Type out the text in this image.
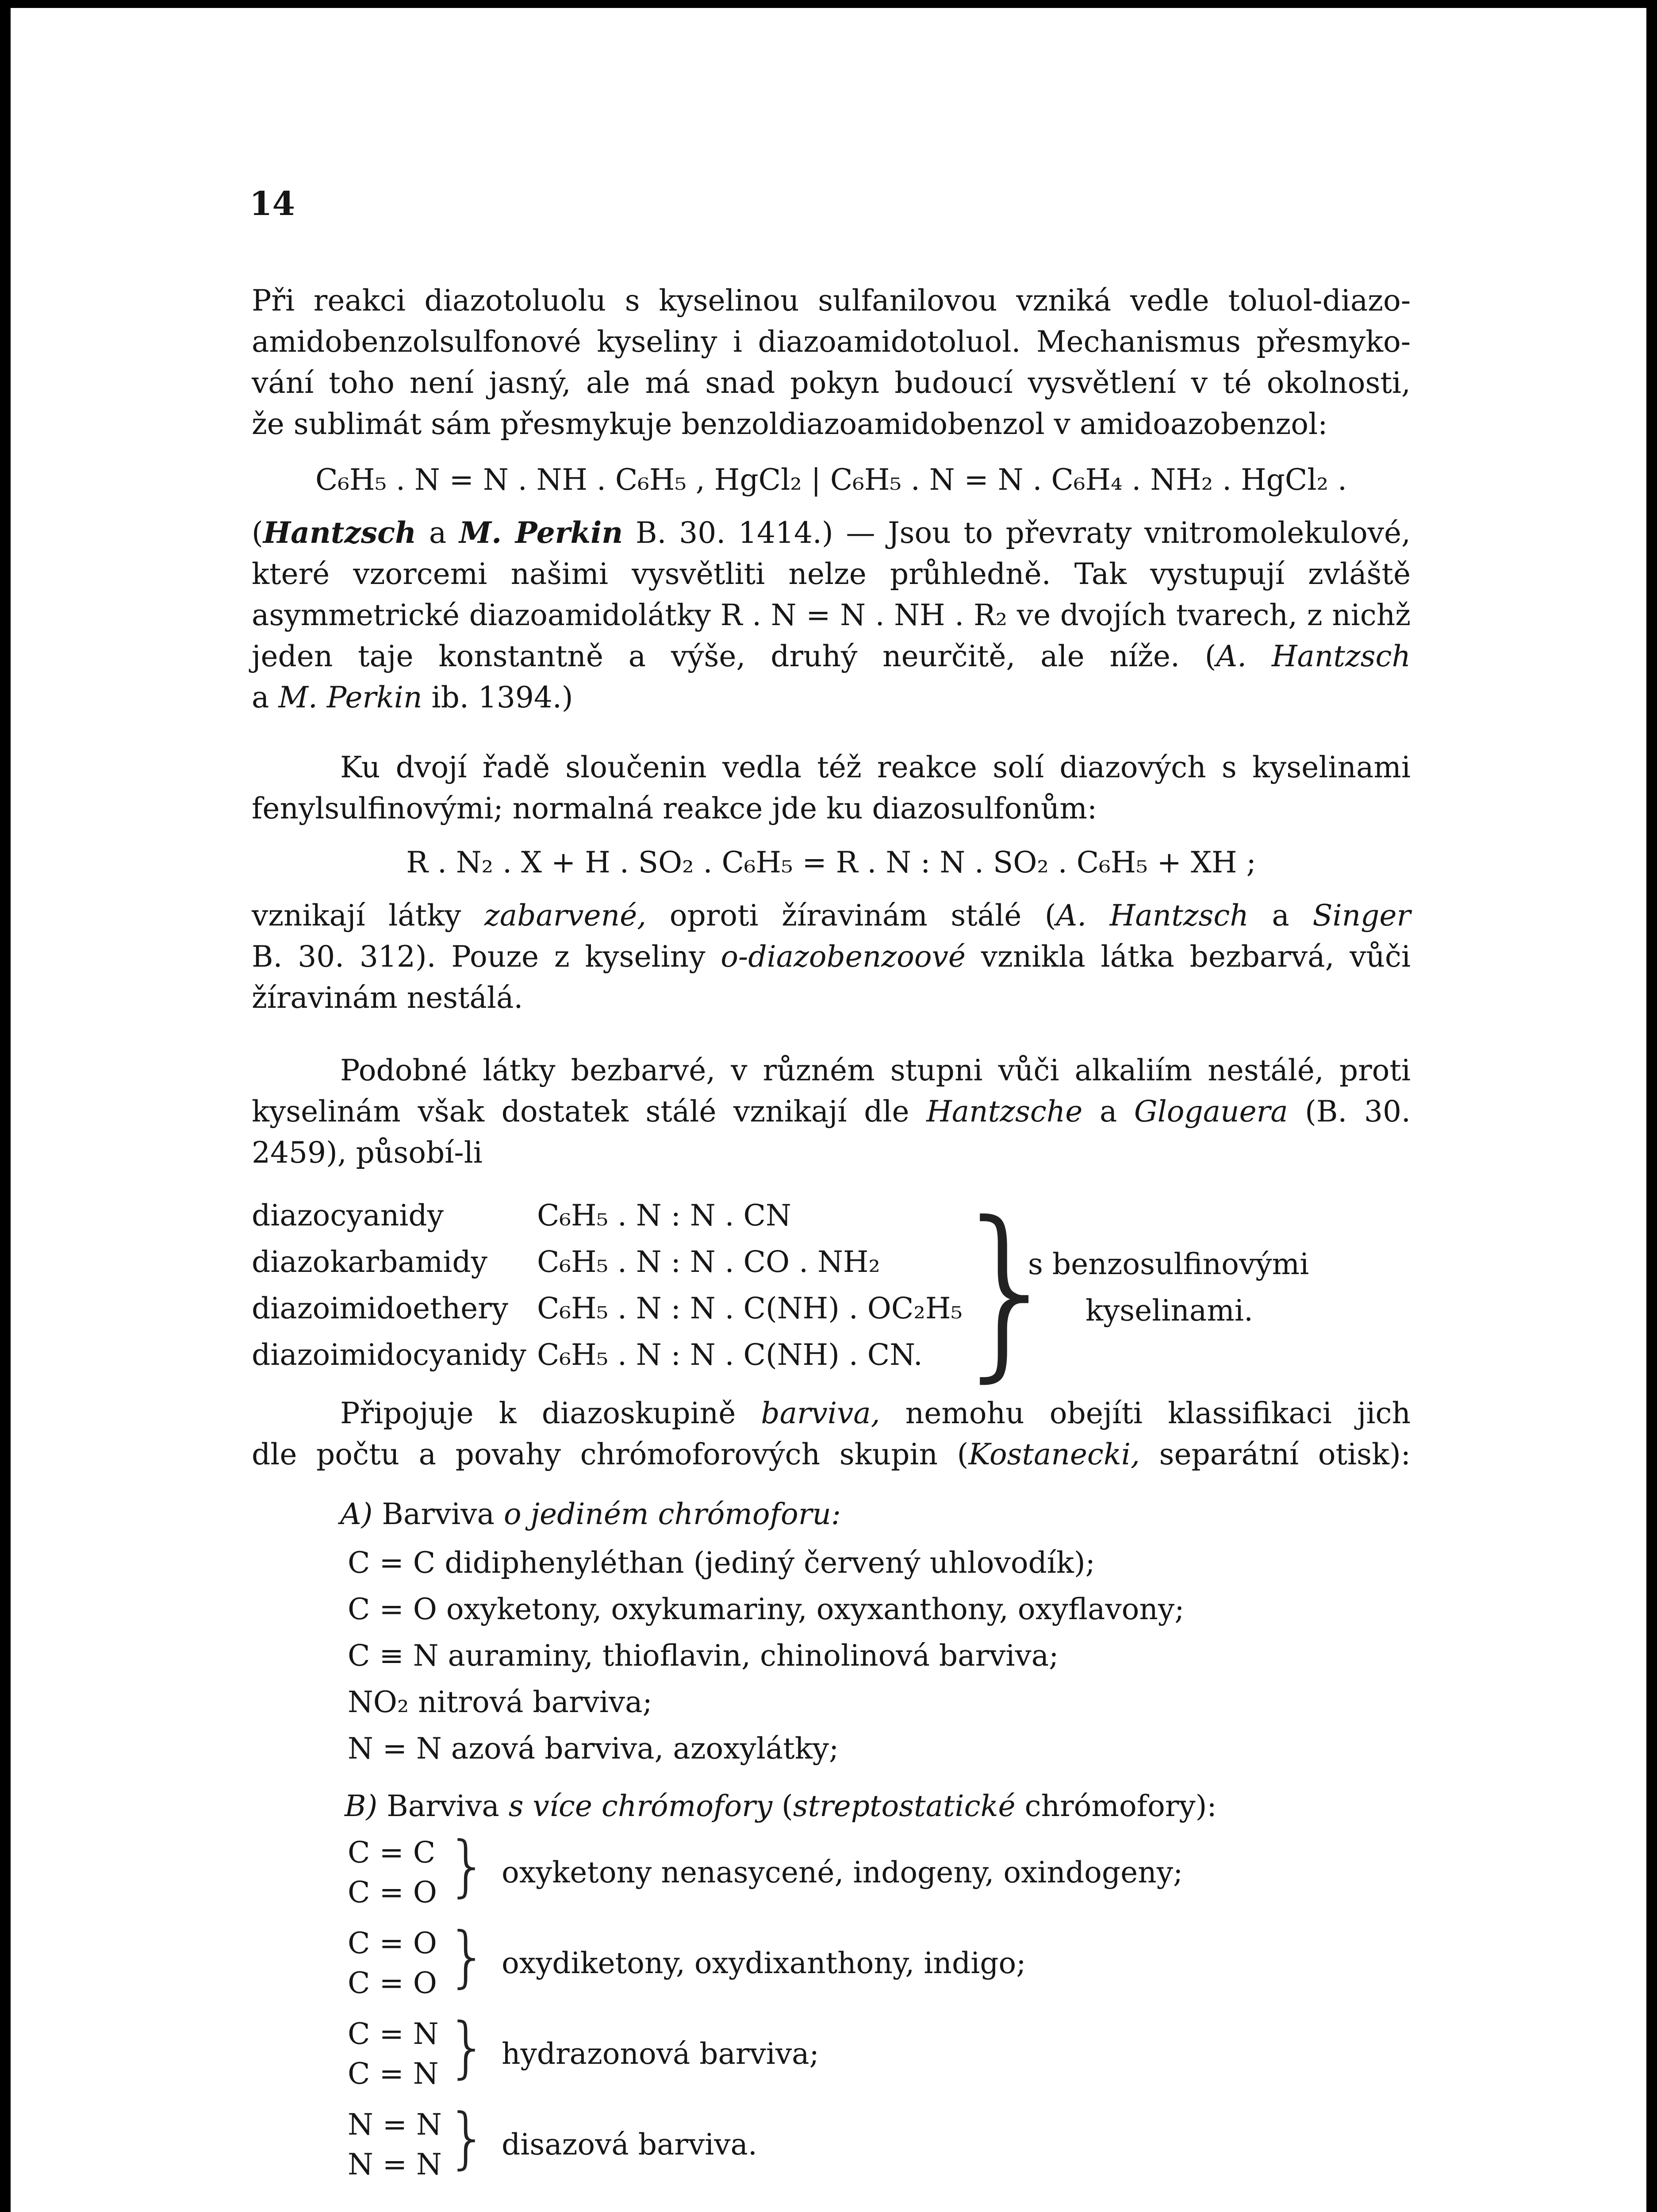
14

Při reakci diazotoluolu s kyselinou sulfanilovou vzniká vedle toluol-diazo-

amidobenzolsulfonové kyseliny i diazoamidotoluol. Mechanismus přesmyko-

vání toho není jasný, ale má snad pokyn budoucí vysvětlení v té okolnosti,

že sublimát sám přesmykuje benzoldiazoamidobenzol v amidoazobenzol:

C₆H₅ . N = N . NH . C₆H₅ , HgCl₂ | C₆H₅ . N = N . C₆H₄ . NH₂ . HgCl₂ .

(Hantzsch a M. Perkin B. 30. 1414.) — Jsou to převraty vnitromolekulové,

které vzorcemi našimi vysvětliti nelze průhledně. Tak vystupují zvláště

asymmetrické diazoamidolátky R . N = N . NH . R₂ ve dvojích tvarech, z nichž

jeden taje konstantně a výše, druhý neurčitě, ale níže. (A. Hantzsch

a M. Perkin ib. 1394.)

Ku dvojí řadě sloučenin vedla též reakce solí diazových s kyselinami

fenylsulfinovými; normalná reakce jde ku diazosulfonům:

R . N₂ . X + H . SO₂ . C₆H₅ = R . N : N . SO₂ . C₆H₅ + XH ;

vznikají látky zabarvené, oproti žíravinám stálé (A. Hantzsch a Singer

B. 30. 312). Pouze z kyseliny o-diazobenzoové vznikla látka bezbarvá, vůči

žíravinám nestálá.

Podobné látky bezbarvé, v různém stupni vůči alkaliím nestálé, proti

kyselinám však dostatek stálé vznikají dle Hantzsche a Glogauera (B. 30.

2459), působí-li

diazocyanidy	C₆H₅ . N : N . CN
diazokarbamidy C₆H₅ . N : N . CO . NH₂
diazoimidoethery C₆H₅ . N : N . C(NH) . OC₂H₅
diazoimidocyanidy C₆H₅ . N : N . C(NH) . CN. }
s benzosulfinovými
kyselinami.

Připojuje k diazoskupině barviva, nemohu obejíti klassifikaci jich

dle počtu a povahy chrómoforových skupin (Kostanecki, separátní otisk):

A) Barviva o jediném chrómoforu:
C = C didiphenyléthan (jediný červený uhlovodík);
C = O oxyketony, oxykumariny, oxyxanthony, oxyflavony;
C ≡ N auraminy, thioflavin, chinolinová barviva;
NO₂ nitrová barviva;
N = N azová barviva, azoxylátky;
B) Barviva s více chrómofory (streptostatické chrómofory):
C = C
C = O } oxyketony nenasycené, indogeny, oxindogeny;
C = O
C = O } oxydiketony, oxydixanthony, indigo;
C = N
C = N } hydrazonová barviva;
N = N
N = N } disazová barviva.
